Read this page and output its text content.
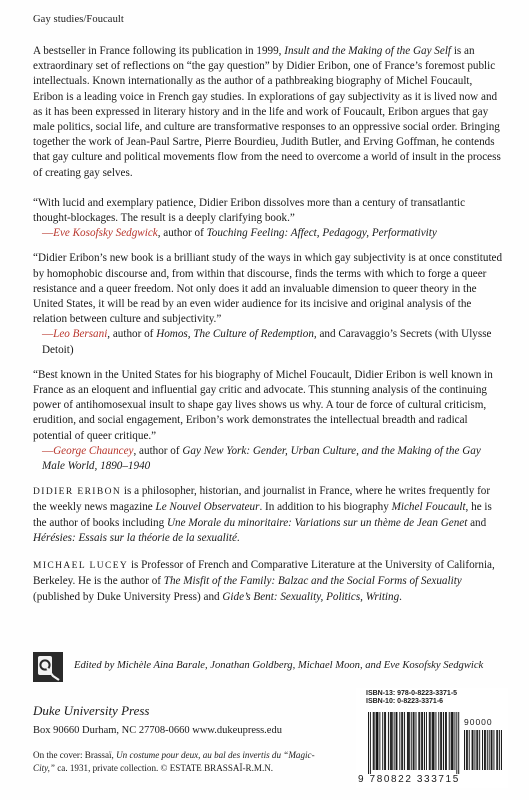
Gay studies/Foucault

A bestseller in France following its publication in 1999, Insult and the Making of the Gay Self is an extraordinary set of reflections on “the gay question” by Didier Eribon, one of France’s foremost public intellectuals. Known internationally as the author of a pathbreaking biography of Michel Foucault, Eribon is a leading voice in French gay studies. In explorations of gay subjectivity as it is lived now and as it has been expressed in literary history and in the life and work of Foucault, Eribon argues that gay male politics, social life, and culture are transformative responses to an oppressive social order. Bringing together the work of Jean-Paul Sartre, Pierre Bourdieu, Judith Butler, and Erving Goffman, he contends that gay culture and political movements flow from the need to overcome a world of insult in the process of creating gay selves.

“With lucid and exemplary patience, Didier Eribon dissolves more than a century of transatlantic thought-blockages. The result is a deeply clarifying book.”
—Eve Kosofsky Sedgwick, author of Touching Feeling: Affect, Pedagogy, Performativity

“Didier Eribon’s new book is a brilliant study of the ways in which gay subjectivity is at once constituted by homophobic discourse and, from within that discourse, finds the terms with which to forge a queer resistance and a queer freedom. Not only does it add an invaluable dimension to queer theory in the United States, it will be read by an even wider audience for its incisive and original analysis of the relation between culture and subjectivity.”
—Leo Bersani, author of Homos, The Culture of Redemption, and Caravaggio’s Secrets (with Ulysse Detoit)

“Best known in the United States for his biography of Michel Foucault, Didier Eribon is well known in France as an eloquent and influential gay critic and advocate. This stunning analysis of the continuing power of antihomosexual insult to shape gay lives shows us why. A tour de force of cultural criticism, erudition, and social engagement, Eribon’s work demonstrates the intellectual breadth and radical potential of queer critique.”
—George Chauncey, author of Gay New York: Gender, Urban Culture, and the Making of the Gay Male World, 1890–1940

DIDIER ERIBON is a philosopher, historian, and journalist in France, where he writes frequently for the weekly news magazine Le Nouvel Observateur. In addition to his biography Michel Foucault, he is the author of books including Une Morale du minoritaire: Variations sur un thème de Jean Genet and Hérésies: Essais sur la théorie de la sexualité.

MICHAEL LUCEY is Professor of French and Comparative Literature at the University of California, Berkeley. He is the author of The Misfit of the Family: Balzac and the Social Forms of Sexuality (published by Duke University Press) and Gide’s Bent: Sexuality, Politics, Writing.

Edited by Michèle Aina Barale, Jonathan Goldberg, Michael Moon, and Eve Kosofsky Sedgwick
Duke University Press
Box 90660 Durham, NC 27708-0660 www.dukeupress.edu
On the cover: Brassaï, Un costume pour deux, au bal des invertis du “Magic-City,” ca. 1931, private collection. © ESTATE BRASSAÏ-R.M.N.
ISBN-13: 978-0-8223-3371-5
ISBN-10: 0-8223-3371-6
90000
9 780822 333715
